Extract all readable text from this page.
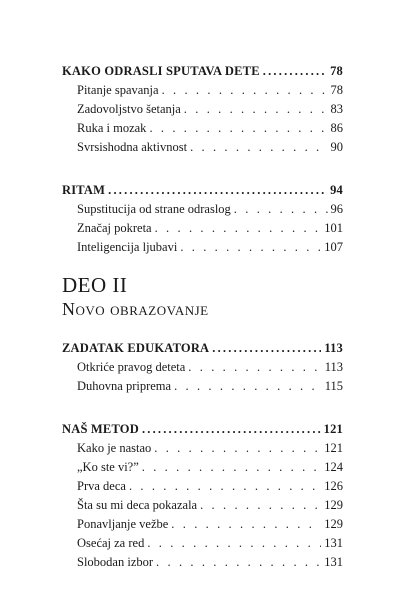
KAKO ODRASLI SPUTAVA DETE .....	78
Pitanje spavanja . . .	78
Zadovoljstvo šetanja . . .	83
Ruka i mozak . . .	86
Svrsishodna aktivnost . . .	90
RITAM .....	94
Supstitucija od strane odraslog . . .	96
Značaj pokreta . . .	101
Inteligencija ljubavi . . .	107
DEO II
Novo obrazovanje
ZADATAK EDUKATORA .....	113
Otkriće pravog deteta . . .	113
Duhovna priprema . . .	115
NAŠ METOD .....	121
Kako je nastao . . .	121
„Ko ste vi?” . . .	124
Prva deca . . .	126
Šta su mi deca pokazala . . .	129
Ponavljanje vežbe . . .	129
Osećaj za red . . .	131
Slobodan izbor . . .	131
